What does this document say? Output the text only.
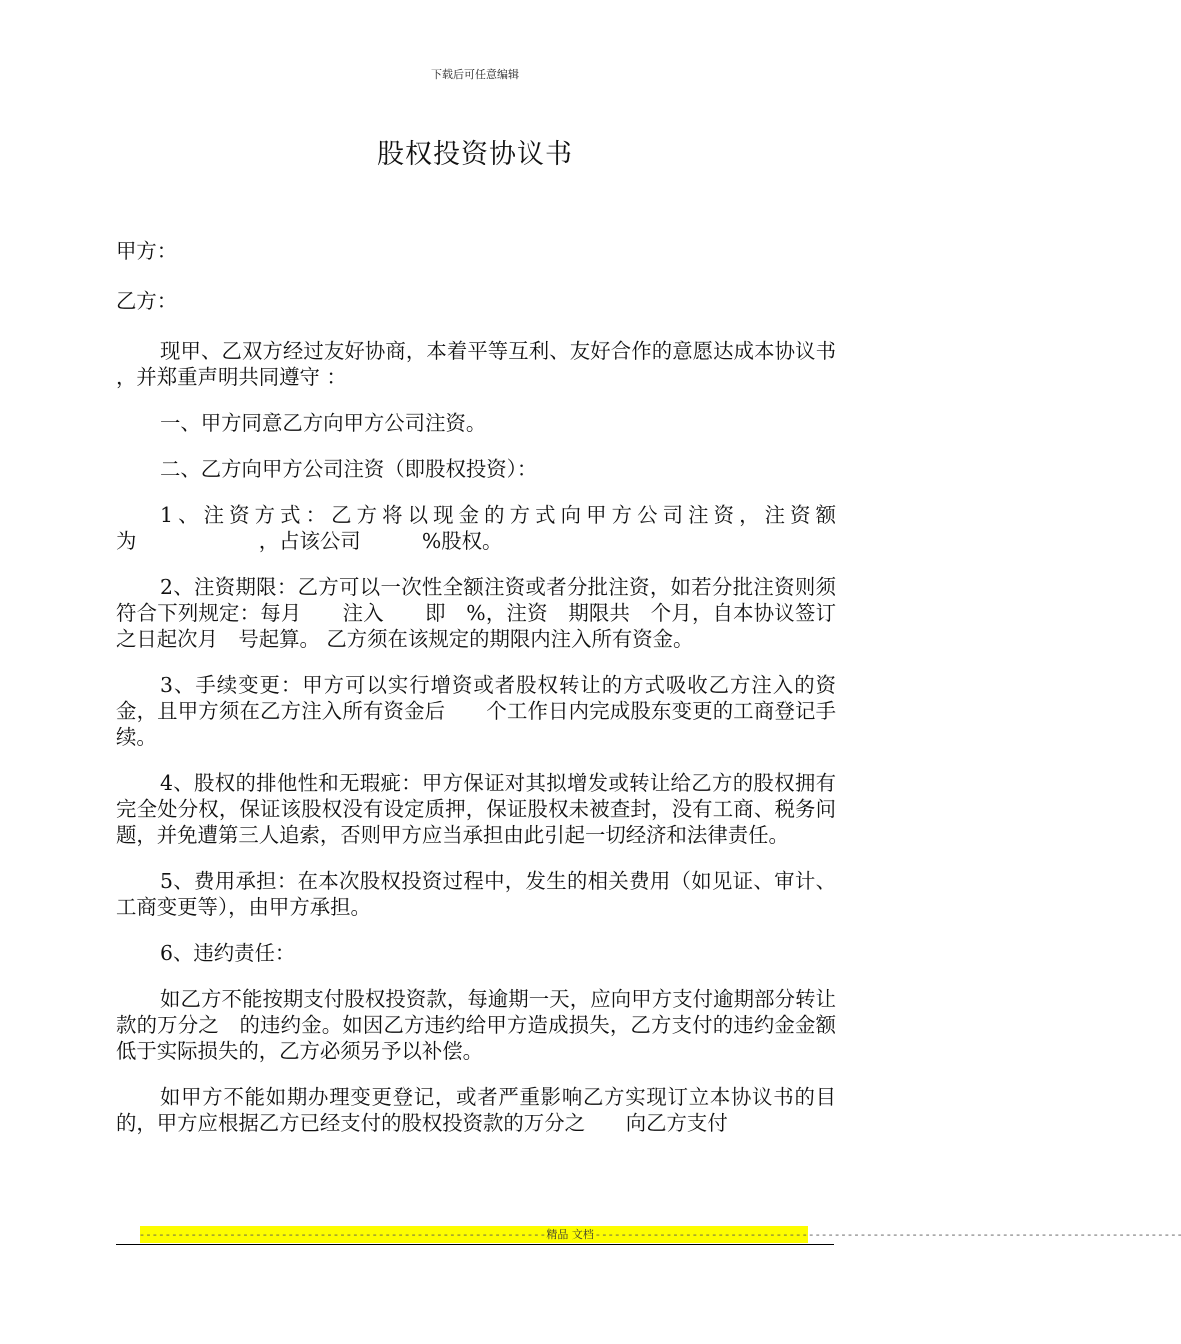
下载后可任意编辑
股权投资协议书

甲方：

乙方：

现甲、乙双方经过友好协商，本着平等互利、友好合作的意愿达成本协议书 ，并郑重声明共同遵守 ：

一、甲方同意乙方向甲方公司注资。

二、乙方向甲方公司注资（即股权投资）：

1、注资方式：乙方将以现金的方式向甲方公司注资，注资额为　　　　　　，占该公司　　　%股权。

2、注资期限：乙方可以一次性全额注资或者分批注资，如若分批注资则须符合下列规定：每月　　注入　　即　%，注资　期限共　个月，自本协议签订之日起次月　号起算。 乙方须在该规定的期限内注入所有资金。

3、手续变更：甲方可以实行增资或者股权转让的方式吸收乙方注入的资金，且甲方须在乙方注入所有资金后　　个工作日内完成股东变更的工商登记手续。

4、股权的排他性和无瑕疵：甲方保证对其拟增发或转让给乙方的股权拥有完全处分权，保证该股权没有设定质押，保证股权未被查封，没有工商、税务问题，并免遭第三人追索，否则甲方应当承担由此引起一切经济和法律责任。

5、费用承担：在本次股权投资过程中，发生的相关费用（如见证、审计、工商变更等），由甲方承担。

6、违约责任：

如乙方不能按期支付股权投资款，每逾期一天，应向甲方支付逾期部分转让款的万分之　的违约金。如因乙方违约给甲方造成损失，乙方支付的违约金金额低于实际损失的，乙方必须另予以补偿。

如甲方不能如期办理变更登记，或者严重影响乙方实现订立本协议书的目的，甲方应根据乙方已经支付的股权投资款的万分之　　向乙方支付

- - - - - - - - - - - - - - - - - - - - - - - - - - - - - - - - - - - - - - - - - - - - - - - - - - - - - - - - - - - - - - - 精品 文档 - - - - - - - - - - - - - - - - - - - - - - - - - - - - - - - - - - - - - - - - - - - - - - - - - - - - - - - - - - - - - - - - - - - - - - - - - - - - - - - - - - - - - - - - - - -
